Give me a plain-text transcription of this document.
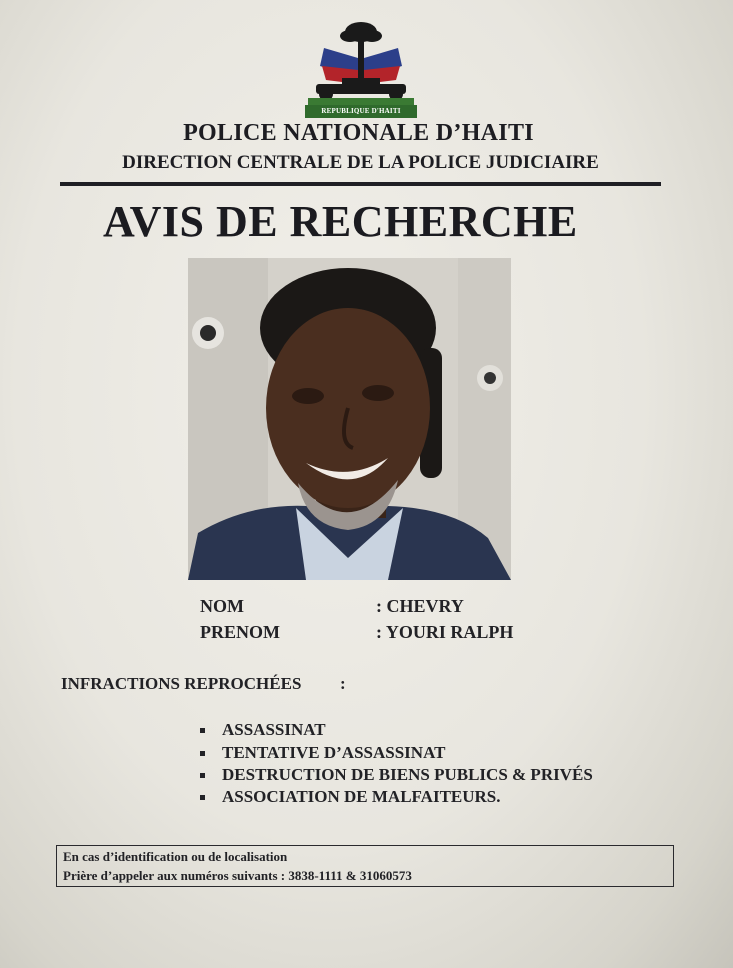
REPUBLIQUE D'HAITI
POLICE NATIONALE D’HAITI
DIRECTION CENTRALE DE LA POLICE JUDICIAIRE
AVIS DE RECHERCHE
NOM	: CHEVRY
PRENOM	: YOURI RALPH
INFRACTIONS REPROCHÉES :
ASSASSINAT
TENTATIVE D’ASSASSINAT
DESTRUCTION DE BIENS PUBLICS & PRIVÉS
ASSOCIATION DE MALFAITEURS.
En cas d’identification ou de localisation
Prière d’appeler aux numéros suivants : 3838-1111 & 31060573
